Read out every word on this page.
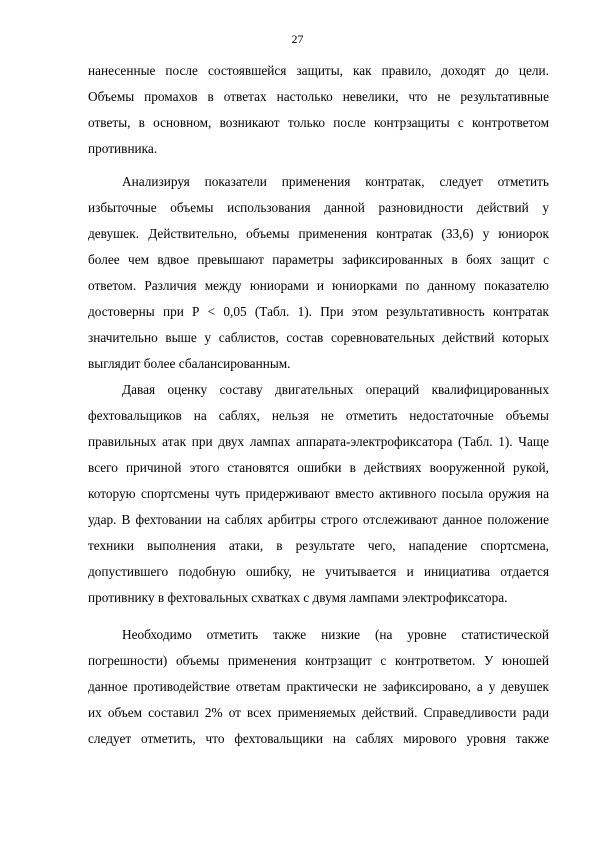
27
нанесенные после состоявшейся защиты, как правило, доходят до цели.
Объемы промахов в ответах настолько невелики, что не результативные
ответы, в основном, возникают только после контрзащиты с контрответом
противника.
Анализируя показатели применения контратак, следует отметить
избыточные объемы использования данной разновидности действий у
девушек. Действительно, объемы применения контратак (33,6) у юниорок
более чем вдвое превышают параметры зафиксированных в боях защит с
ответом. Различия между юниорами и юниорками по данному показателю
достоверны при Р < 0,05 (Табл. 1). При этом результативность контратак
значительно выше у саблистов, состав соревновательных действий которых
выглядит более сбалансированным.
Давая оценку составу двигательных операций квалифицированных
фехтовальщиков на саблях, нельзя не отметить недостаточные объемы
правильных атак при двух лампах аппарата-электрофиксатора (Табл. 1). Чаще
всего причиной этого становятся ошибки в действиях вооруженной рукой,
которую спортсмены чуть придерживают вместо активного посыла оружия на
удар. В фехтовании на саблях арбитры строго отслеживают данное положение
техники выполнения атаки, в результате чего, нападение спортсмена,
допустившего подобную ошибку, не учитывается и инициатива отдается
противнику в фехтовальных схватках с двумя лампами электрофиксатора.
Необходимо отметить также низкие (на уровне статистической
погрешности) объемы применения контрзащит с контрответом. У юношей
данное противодействие ответам практически не зафиксировано, а у девушек
их объем составил 2% от всех применяемых действий. Справедливости ради
следует отметить, что фехтовальщики на саблях мирового уровня также
